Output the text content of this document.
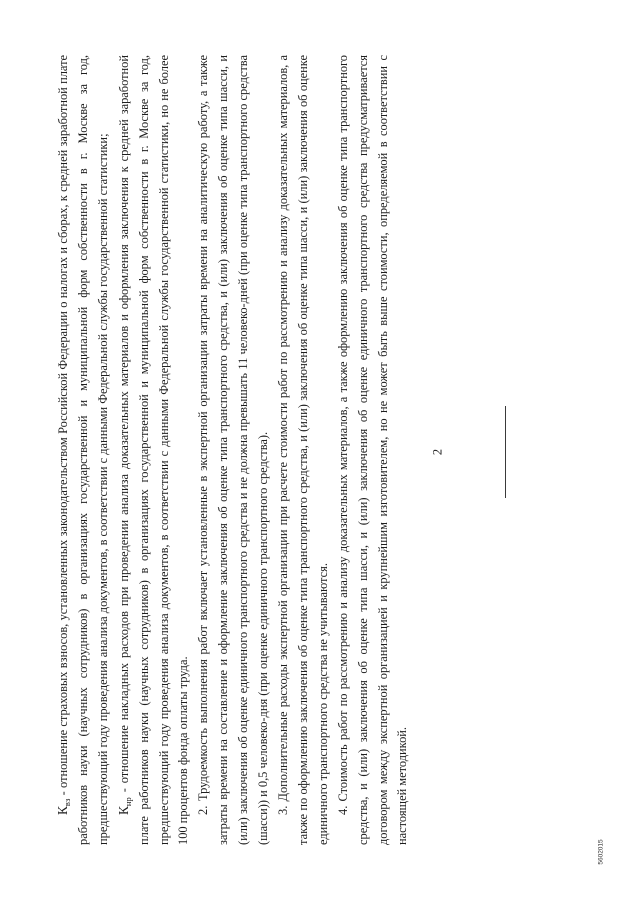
2

$К_{вз}$ - отношение страховых взносов, установленных законодательством Российской Федерации о налогах и сборах, к средней заработной плате работников науки (научных сотрудников) в организациях государственной и муниципальной форм собственности в г. Москве за год, предшествующий году проведения анализа документов, в соответствии с данными Федеральной службы государственной статистики; $К_{нр}$ - отношение накладных расходов при проведении анализа доказательных материалов и оформления заключения к средней заработной плате работников науки (научных сотрудников) в организациях государственной и муниципальной форм собственности в г. Москве за год, предшествующий году проведения анализа документов, в соответствии с данными Федеральной службы государственной статистики, но не более 100 процентов фонда оплаты труда. 2. Трудоемкость выполнения работ включает установленные в экспертной организации затраты времени на аналитическую работу, а также затраты времени на составление и оформление заключения об оценке типа транспортного средства, и (или) заключения об оценке типа шасси, и (или) заключения об оценке единичного транспортного средства и не должна превышать 11 человеко-дней (при оценке типа транспортного средства (шасси)) и 0,5 человеко-дня (при оценке единичного транспортного средства). 3. Дополнительные расходы экспертной организации при расчете стоимости работ по рассмотрению и анализу доказательных материалов, а также по оформлению заключения об оценке типа транспортного средства, и (или) заключения об оценке типа шасси, и (или) заключения об оценке единичного транспортного средства не учитываются. 4. Стоимость работ по рассмотрению и анализу доказательных материалов, а также оформлению заключения об оценке типа транспортного средства, и (или) заключения об оценке типа шасси, и (или) заключения об оценке единичного транспортного средства предусматривается договором между экспертной организацией и крупнейшим изготовителем, но не может быть выше стоимости, определяемой в соответствии с настоящей методикой.

5602015
